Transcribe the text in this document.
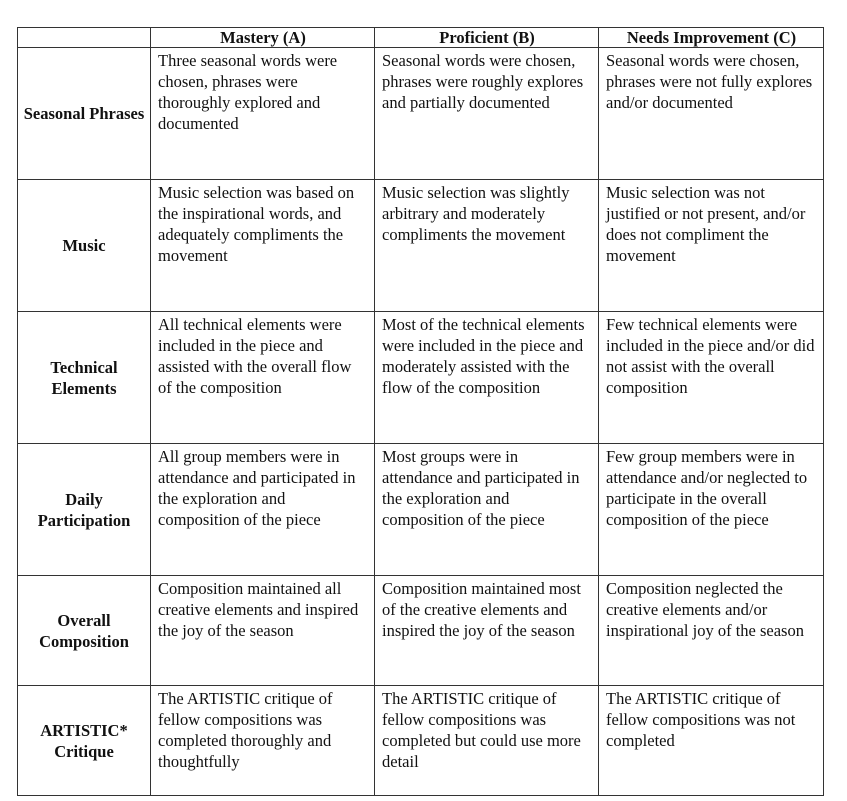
	Mastery (A)	Proficient (B)	Needs Improvement (C)
Seasonal Phrases	Three seasonal words were chosen, phrases were thoroughly explored and documented	Seasonal words were chosen, phrases were roughly explores and partially documented	Seasonal words were chosen, phrases were not fully explores and/or documented
Music	Music selection was based on the inspirational words, and adequately compliments the movement	Music selection was slightly arbitrary and moderately compliments the movement	Music selection was not justified or not present, and/or does not compliment the movement
Technical Elements	All technical elements were included in the piece and assisted with the overall flow of the composition	Most of the technical elements were included in the piece and moderately assisted with the flow of the composition	Few technical elements were included in the piece and/or did not assist with the overall composition
Daily Participation	All group members were in attendance and participated in the exploration and composition of the piece	Most groups were in attendance and participated in the exploration and composition of the piece	Few group members were in attendance and/or neglected to participate in the overall composition of the piece
Overall Composition	Composition maintained all creative elements and inspired the joy of the season	Composition maintained most of the creative elements and inspired the joy of the season	Composition neglected the creative elements and/or inspirational joy of the season
ARTISTIC* Critique	The ARTISTIC critique of fellow compositions was completed thoroughly and thoughtfully	The ARTISTIC critique of fellow compositions was completed but could use more detail	The ARTISTIC critique of fellow compositions was not completed
